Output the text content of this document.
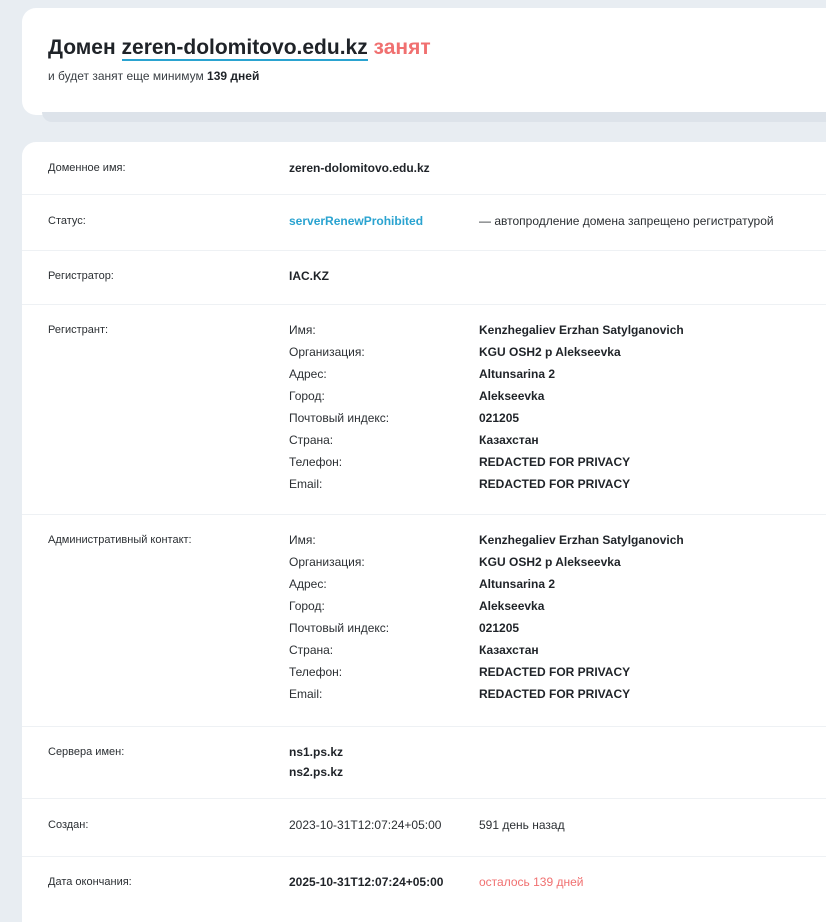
Домен zeren-dolomitovo.edu.kz занят
и будет занят еще минимум 139 дней
Доменное имя:	zeren-dolomitovo.edu.kz
Статус:	serverRenewProhibited	— автопродление домена запрещено регистратурой
Регистратор:	IAC.KZ
Регистрант:	Имя:	Kenzhegaliev Erzhan Satylganovich
Организация:	KGU OSH2 p Alekseevka
Адрес:	Altunsarina 2
Город:	Alekseevka
Почтовый индекс:	021205
Страна:	Казахстан
Телефон:	REDACTED FOR PRIVACY
Email:	REDACTED FOR PRIVACY
Административный контакт:	Имя:	Kenzhegaliev Erzhan Satylganovich
Организация:	KGU OSH2 p Alekseevka
Адрес:	Altunsarina 2
Город:	Alekseevka
Почтовый индекс:	021205
Страна:	Казахстан
Телефон:	REDACTED FOR PRIVACY
Email:	REDACTED FOR PRIVACY
Сервера имен:	ns1.ps.kz
ns2.ps.kz
Создан:	2023-10-31T12:07:24+05:00	591 день назад
Дата окончания:	2025-10-31T12:07:24+05:00	осталось 139 дней
